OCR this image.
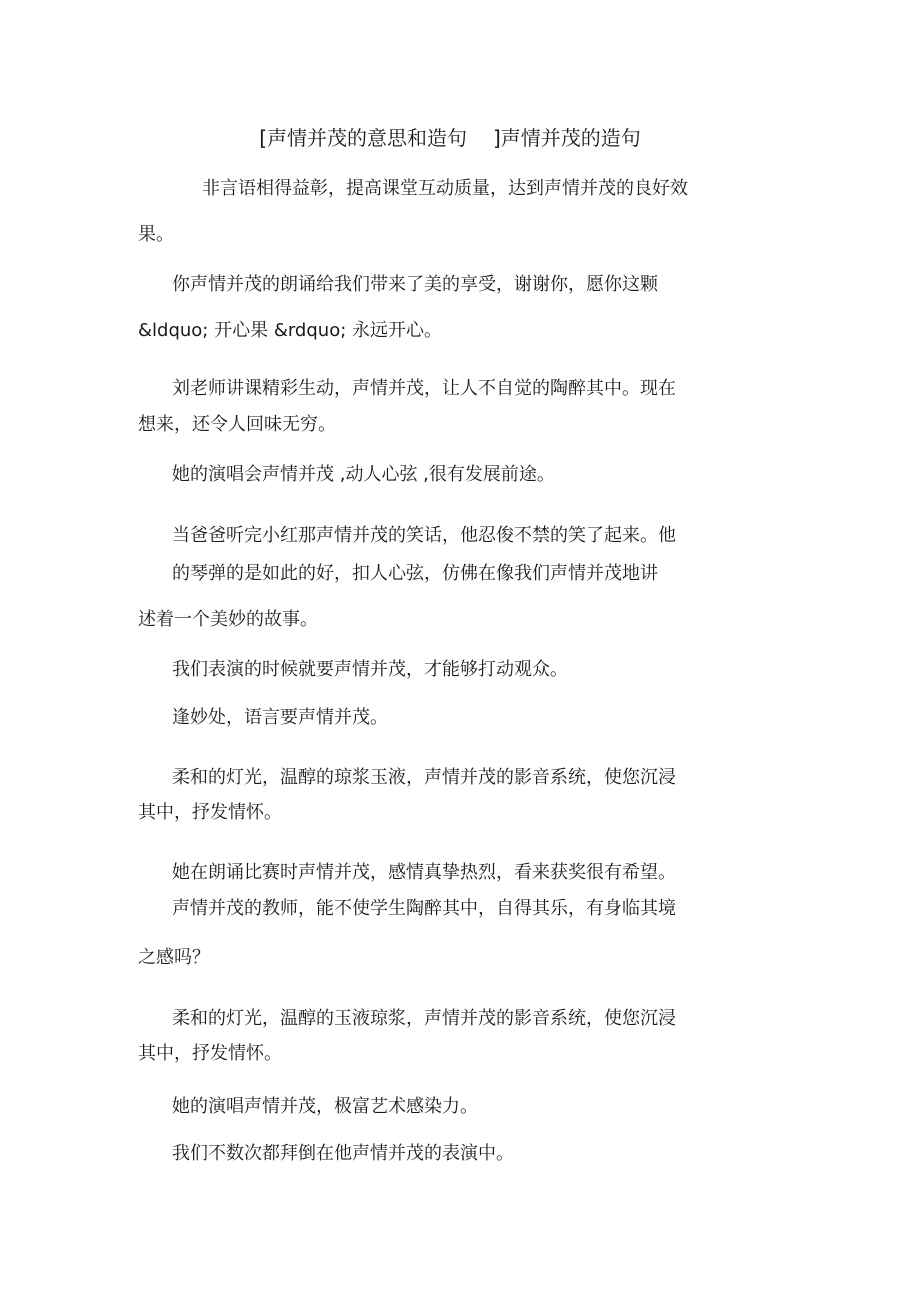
[声情并茂的意思和造句 ]声情并茂的造句
非言语相得益彰，提高课堂互动质量，达到声情并茂的良好效
果。
你声情并茂的朗诵给我们带来了美的享受，谢谢你，愿你这颗
&ldquo; 开心果 &rdquo; 永远开心。
刘老师讲课精彩生动，声情并茂，让人不自觉的陶醉其中。现在
想来，还令人回味无穷。
她的演唱会声情并茂 ,动人心弦 ,很有发展前途。
当爸爸听完小红那声情并茂的笑话，他忍俊不禁的笑了起来。他
的琴弹的是如此的好，扣人心弦，仿佛在像我们声情并茂地讲
述着一个美妙的故事。
我们表演的时候就要声情并茂，才能够打动观众。
逢妙处，语言要声情并茂。
柔和的灯光，温醇的琼浆玉液，声情并茂的影音系统，使您沉浸
其中，抒发情怀。
她在朗诵比赛时声情并茂，感情真挚热烈，看来获奖很有希望。
声情并茂的教师，能不使学生陶醉其中，自得其乐，有身临其境
之感吗？
柔和的灯光，温醇的玉液琼浆，声情并茂的影音系统，使您沉浸
其中，抒发情怀。
她的演唱声情并茂，极富艺术感染力。
我们不数次都拜倒在他声情并茂的表演中。
